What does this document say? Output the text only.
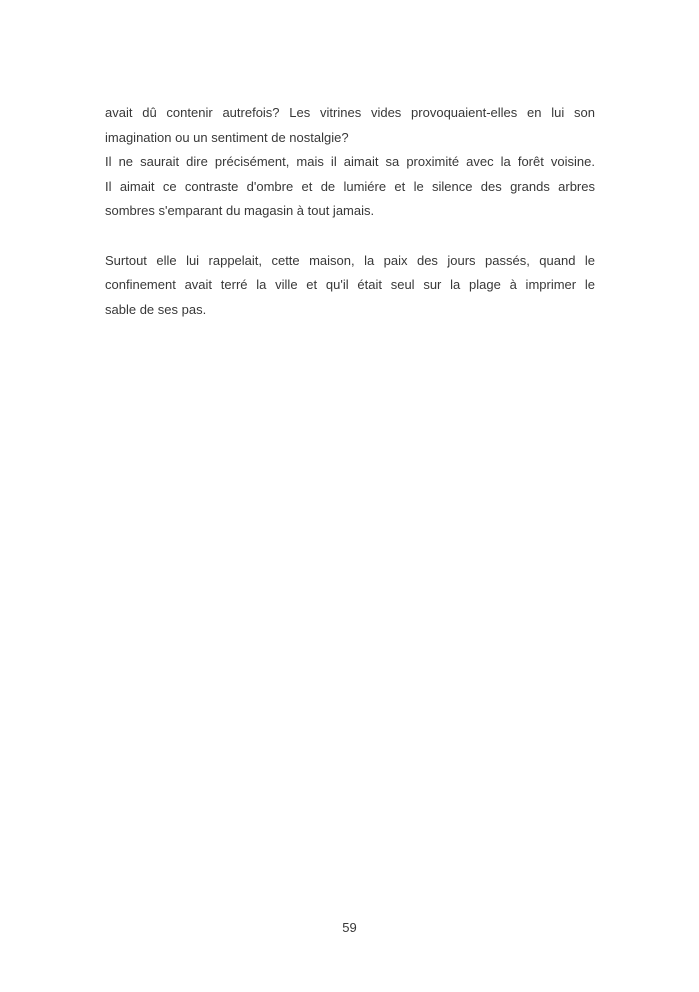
avait dû contenir autrefois? Les vitrines vides provoquaient-elles en lui son
imagination ou un sentiment de nostalgie?
Il ne saurait dire précisément, mais il aimait sa proximité avec la forêt voisine.
Il aimait ce contraste d'ombre et de lumiére et le silence des grands arbres
sombres s'emparant du magasin à tout jamais.
Surtout elle lui rappelait, cette maison, la paix des jours passés, quand le
confinement avait terré la ville et qu'il était seul sur la plage à imprimer le
sable de ses pas.
59
